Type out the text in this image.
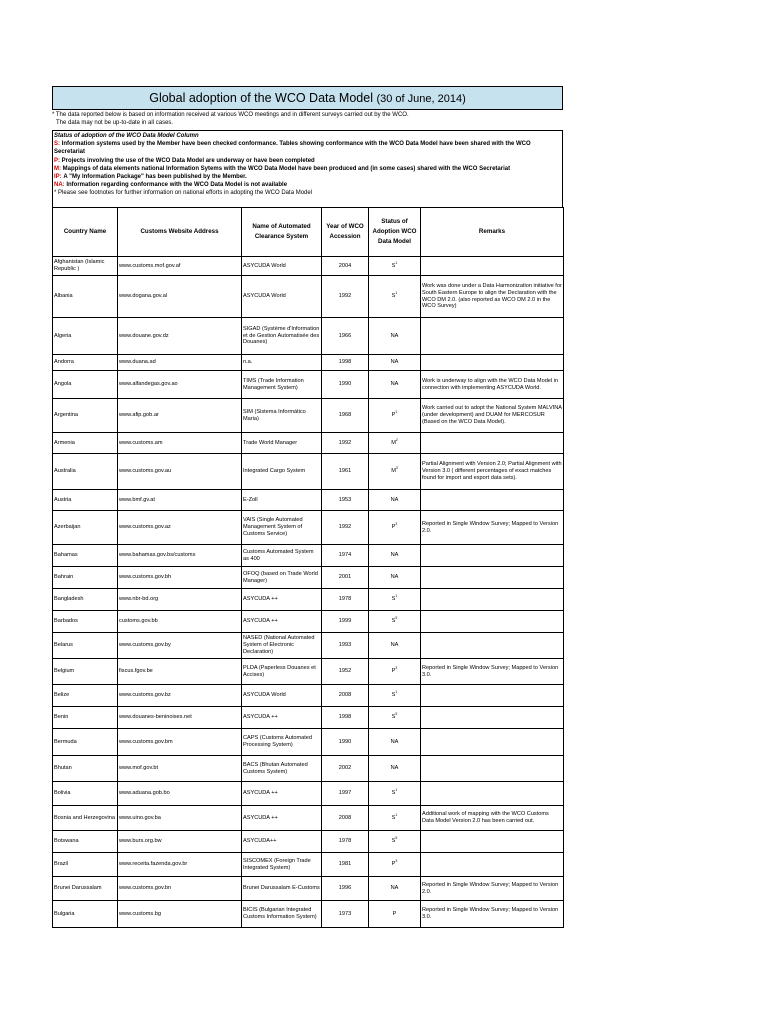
Global adoption of the WCO Data Model (30 of June, 2014)
* The data reported below is based on information received at various WCO meetings and in different surveys carried out by the WCO.
The data may not be up-to-date in all cases.
Status of adoption of the WCO Data Model Column
S: Information systems used by the Member have been checked conformance. Tables showing conformance with the WCO Data Model have been shared with the WCO Secretariat
P: Projects involving the use of the WCO Data Model are underway or have been completed
M: Mappings of data elements national Information Sytems with the WCO Data Model have been produced and (in some cases) shared with the WCO Secretariat
IP: A "My Information Package" has been published by the Member.
NA: Information regarding conformance with the WCO Data Model is not available
* Please see footnotes for further information on national efforts in adopting the WCO Data Model
Country Name	Customs Website Address	Name of Automated Clearance System	Year of WCO Accession	Status of Adoption WCO Data Model	Remarks
Afghanistan (Islamic Republic )	www.customs.mof.gov.af	ASYCUDA World	2004	$S^1$	
Albania	www.dogana.gov.al	ASYCUDA World	1992	$S^1$	Work was done under a Data Harmonization initiative for South Eastern Europe to align the Declaration with the WCO DM 2.0. (also reported as WCO DM 2.0 in the WCO Survey)
Algeria	www.douane.gov.dz	SIGAD (Système d'Information et de Gestion Automatisée des Douanes)	1966	NA	
Andorra	www.duana.ad	n.a.	1998	NA	
Angola	www.alfandegas.gov.ao	TIMS (Trade Information Management System)	1990	NA	Work is underway to align with the WCO Data Model in connection with implementing ASYCUDA World.
Argentina	www.afip.gob.ar	SIM (Sistema Informático Maria)	1968	$P^1$	Work carried out to adopt the National System MALVINA (under development) and DUAM for MERCOSUR (Based on the WCO Data Model).
Armenia	www.customs.am	Trade World Manager	1992	$M^2$	
Australia	www.customs.gov.au	Integrated Cargo System	1961	$M^3$	Partial Alignment with Version 2.0; Partial Alignment with Version 3.0 ( different percentages of exact matches found for import and export data sets).
Austria	www.bmf.gv.at	E-Zoll	1953	NA	
Azerbaijan	www.customs.gov.az	VAIS (Single Automated Management System of Customs Service)	1992	$P^3$	Reported in Single Window Survey; Mapped to Version 2.0.
Bahamas	www.bahamas.gov.bs/customs	Customs Automated System as 400	1974	NA	
Bahrain	www.customs.gov.bh	OFOQ (based on Trade World Manager)	2001	NA	
Bangladesh	www.nbr-bd.org	ASYCUDA ++	1978	$S^1$	
Barbados	customs.gov.bb	ASYCUDA ++	1999	$S^5$	
Belarus	www.customs.gov.by	NASED (National Automated System of Electronic Declaration)	1993	NA	
Belgium	fiscus.fgov.be	PLDA (Paperless Douanes et Accises)	1952	$P^3$	Reported in Single Window Survey; Mapped to Version 3.0.
Belize	www.customs.gov.bz	ASYCUDA World	2008	$S^1$	
Benin	www.douanes-beninoises.net	ASYCUDA ++	1998	$S^5$	
Bermuda	www.customs.gov.bm	CAPS (Customs Automated Processing System)	1990	NA	
Bhutan	www.mof.gov.bt	BACS (Bhutan Automated Customs System)	2002	NA	
Bolivia	www.aduana.gob.bo	ASYCUDA ++	1997	$S^1$	
Bosnia and Herzegovina	www.uino.gov.ba	ASYCUDA ++	2008	$S^1$	Additional work of mapping with the WCO Customs Data Model Version 2.0 has been carried out.
Botswana	www.burs.org.bw	ASYCUDA++	1978	$S^5$	
Brazil	www.receita.fazenda.gov.br	SISCOMEX (Foreign Trade Integrated System)	1981	$P^3$	
Brunei Darussalam	www.customs.gov.bn	Brunei Darussalam E-Customs	1996	NA	Reported in Single Window Survey; Mapped to Version 2.0.
Bulgaria	www.customs.bg	BICIS (Bulgarian Integrated Customs Information System)	1973	P	Reported in Single Window Survey; Mapped to Version 3.0.
